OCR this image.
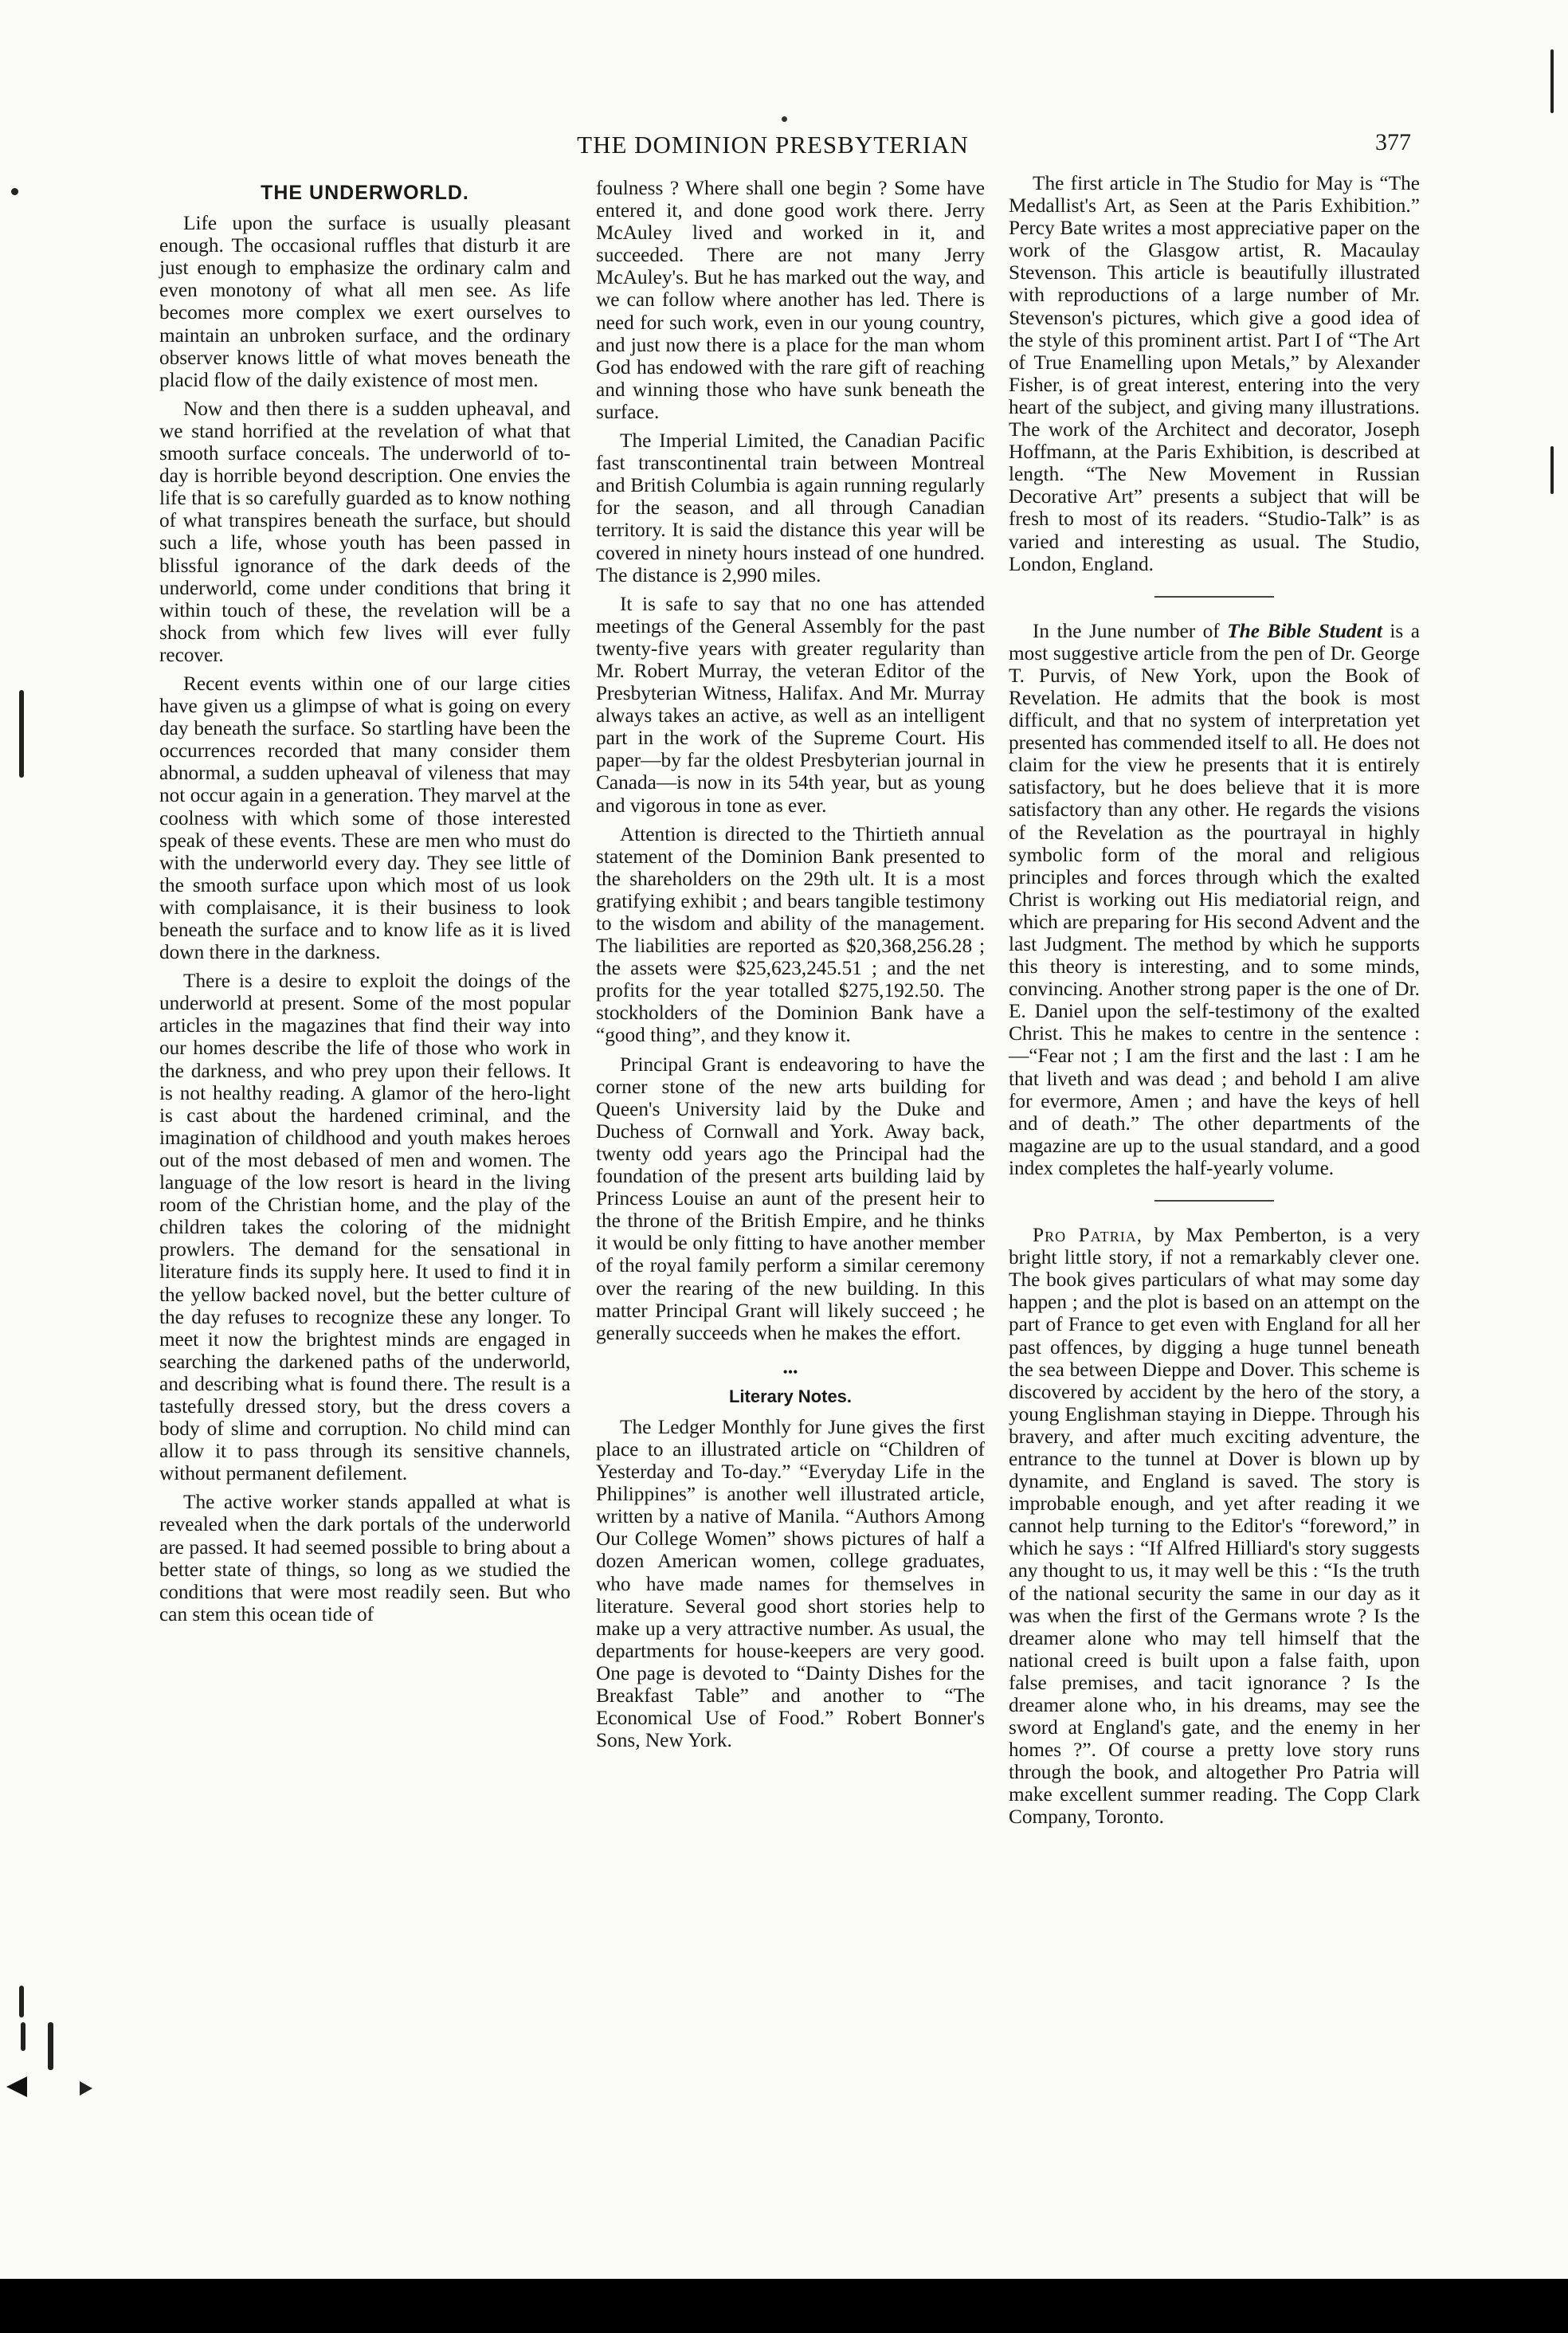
THE DOMINION PRESBYTERIAN	377
THE UNDERWORLD.

Life upon the surface is usually pleasant enough. The occasional ruffles that disturb it are just enough to emphasize the ordinary calm and even monotony of what all men see. As life becomes more complex we exert ourselves to maintain an unbroken surface, and the ordinary observer knows little of what moves beneath the placid flow of the daily existence of most men.

Now and then there is a sudden upheaval, and we stand horrified at the revelation of what that smooth surface conceals. The underworld of to-day is horrible beyond description. One envies the life that is so carefully guarded as to know nothing of what transpires beneath the surface, but should such a life, whose youth has been passed in blissful ignorance of the dark deeds of the underworld, come under conditions that bring it within touch of these, the revelation will be a shock from which few lives will ever fully recover.

Recent events within one of our large cities have given us a glimpse of what is going on every day beneath the surface. So startling have been the occurrences recorded that many consider them abnormal, a sudden upheaval of vileness that may not occur again in a generation. They marvel at the coolness with which some of those interested speak of these events. These are men who must do with the underworld every day. They see little of the smooth surface upon which most of us look with complaisance, it is their business to look beneath the surface and to know life as it is lived down there in the darkness.

There is a desire to exploit the doings of the underworld at present. Some of the most popular articles in the magazines that find their way into our homes describe the life of those who work in the darkness, and who prey upon their fellows. It is not healthy reading. A glamor of the hero-light is cast about the hardened criminal, and the imagination of childhood and youth makes heroes out of the most debased of men and women. The language of the low resort is heard in the living room of the Christian home, and the play of the children takes the coloring of the midnight prowlers. The demand for the sensational in literature finds its supply here. It used to find it in the yellow backed novel, but the better culture of the day refuses to recognize these any longer. To meet it now the brightest minds are engaged in searching the darkened paths of the underworld, and describing what is found there. The result is a tastefully dressed story, but the dress covers a body of slime and corruption. No child mind can allow it to pass through its sensitive channels, without permanent defilement.

The active worker stands appalled at what is revealed when the dark portals of the underworld are passed. It had seemed possible to bring about a better state of things, so long as we studied the conditions that were most readily seen. But who can stem this ocean tide of

foulness ? Where shall one begin ? Some have entered it, and done good work there. Jerry McAuley lived and worked in it, and succeeded. There are not many Jerry McAuley's. But he has marked out the way, and we can follow where another has led. There is need for such work, even in our young country, and just now there is a place for the man whom God has endowed with the rare gift of reaching and winning those who have sunk beneath the surface.

The Imperial Limited, the Canadian Pacific fast transcontinental train between Montreal and British Columbia is again running regularly for the season, and all through Canadian territory. It is said the distance this year will be covered in ninety hours instead of one hundred. The distance is 2,990 miles.

It is safe to say that no one has attended meetings of the General Assembly for the past twenty-five years with greater regularity than Mr. Robert Murray, the veteran Editor of the Presbyterian Witness, Halifax. And Mr. Murray always takes an active, as well as an intelligent part in the work of the Supreme Court. His paper—by far the oldest Presbyterian journal in Canada—is now in its 54th year, but as young and vigorous in tone as ever.

Attention is directed to the Thirtieth annual statement of the Dominion Bank presented to the shareholders on the 29th ult. It is a most gratifying exhibit ; and bears tangible testimony to the wisdom and ability of the management. The liabilities are reported as $20,368,256.28 ; the assets were $25,623,245.51 ; and the net profits for the year totalled $275,192.50. The stockholders of the Dominion Bank have a “good thing”, and they know it.

Principal Grant is endeavoring to have the corner stone of the new arts building for Queen's University laid by the Duke and Duchess of Cornwall and York. Away back, twenty odd years ago the Principal had the foundation of the present arts building laid by Princess Louise an aunt of the present heir to the throne of the British Empire, and he thinks it would be only fitting to have another member of the royal family perform a similar ceremony over the rearing of the new building. In this matter Principal Grant will likely succeed ; he generally succeeds when he makes the effort.

•••
Literary Notes.

The Ledger Monthly for June gives the first place to an illustrated article on “Children of Yesterday and To-day.” “Everyday Life in the Philippines” is another well illustrated article, written by a native of Manila. “Authors Among Our College Women” shows pictures of half a dozen American women, college graduates, who have made names for themselves in literature. Several good short stories help to make up a very attractive number. As usual, the departments for house-keepers are very good. One page is devoted to “Dainty Dishes for the Breakfast Table” and another to “The Economical Use of Food.” Robert Bonner's Sons, New York.

The first article in The Studio for May is “The Medallist's Art, as Seen at the Paris Exhibition.” Percy Bate writes a most appreciative paper on the work of the Glasgow artist, R. Macaulay Stevenson. This article is beautifully illustrated with reproductions of a large number of Mr. Stevenson's pictures, which give a good idea of the style of this prominent artist. Part I of “The Art of True Enamelling upon Metals,” by Alexander Fisher, is of great interest, entering into the very heart of the subject, and giving many illustrations. The work of the Architect and decorator, Joseph Hoffmann, at the Paris Exhibition, is described at length. “The New Movement in Russian Decorative Art” presents a subject that will be fresh to most of its readers. “Studio-Talk” is as varied and interesting as usual. The Studio, London, England.

In the June number of The Bible Student is a most suggestive article from the pen of Dr. George T. Purvis, of New York, upon the Book of Revelation. He admits that the book is most difficult, and that no system of interpretation yet presented has commended itself to all. He does not claim for the view he presents that it is entirely satisfactory, but he does believe that it is more satisfactory than any other. He regards the visions of the Revelation as the pourtrayal in highly symbolic form of the moral and religious principles and forces through which the exalted Christ is working out His mediatorial reign, and which are preparing for His second Advent and the last Judgment. The method by which he supports this theory is interesting, and to some minds, convincing. Another strong paper is the one of Dr. E. Daniel upon the self-testimony of the exalted Christ. This he makes to centre in the sentence :—“Fear not ; I am the first and the last : I am he that liveth and was dead ; and behold I am alive for evermore, Amen ; and have the keys of hell and of death.” The other departments of the magazine are up to the usual standard, and a good index completes the half-yearly volume.

Pro Patria, by Max Pemberton, is a very bright little story, if not a remarkably clever one. The book gives particulars of what may some day happen ; and the plot is based on an attempt on the part of France to get even with England for all her past offences, by digging a huge tunnel beneath the sea between Dieppe and Dover. This scheme is discovered by accident by the hero of the story, a young Englishman staying in Dieppe. Through his bravery, and after much exciting adventure, the entrance to the tunnel at Dover is blown up by dynamite, and England is saved. The story is improbable enough, and yet after reading it we cannot help turning to the Editor's “foreword,” in which he says : “If Alfred Hilliard's story suggests any thought to us, it may well be this : “Is the truth of the national security the same in our day as it was when the first of the Germans wrote ? Is the dreamer alone who may tell himself that the national creed is built upon a false faith, upon false premises, and tacit ignorance ? Is the dreamer alone who, in his dreams, may see the sword at England's gate, and the enemy in her homes ?”. Of course a pretty love story runs through the book, and altogether Pro Patria will make excellent summer reading. The Copp Clark Company, Toronto.
